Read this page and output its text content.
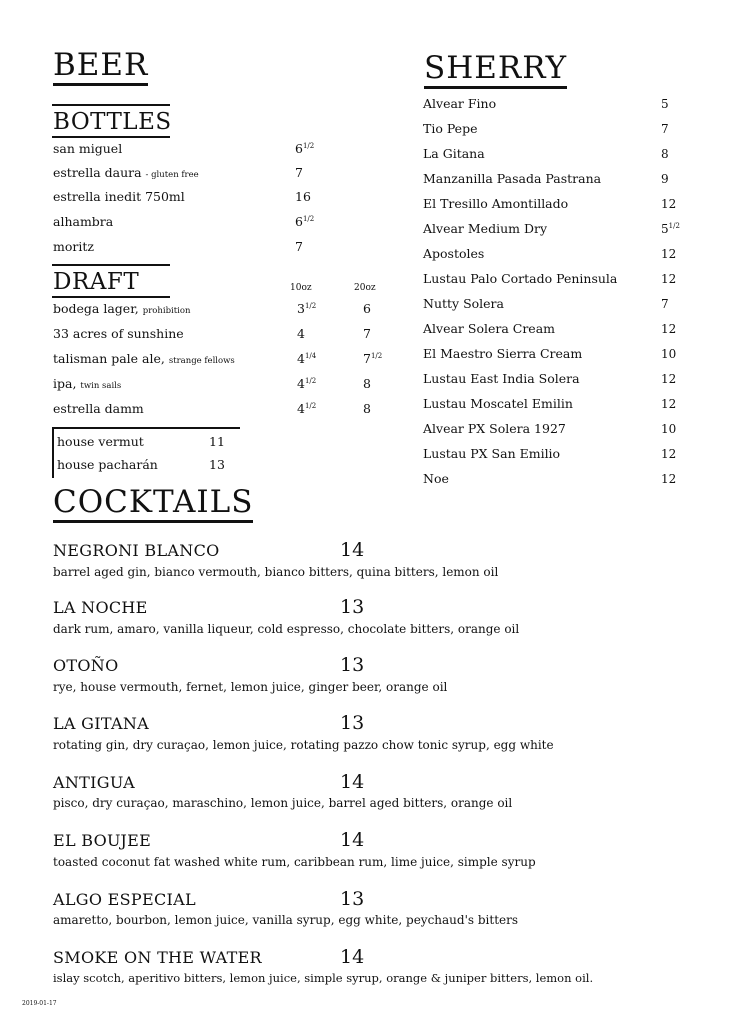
BEER
BOTTLES
san miguel	$6^{1/2}$
estrella daura - gluten free	7
estrella inedit 750ml	16
alhambra	$6^{1/2}$
moritz	7
DRAFT	10oz	20oz
bodega lager, prohibition	$3^{1/2}$	6
33 acres of sunshine	4	7
talisman pale ale, strange fellows	$4^{1/4}$	$7^{1/2}$
ipa, twin sails	$4^{1/2}$	8
estrella damm	$4^{1/2}$	8
house vermut	11
house pacharán	13
SHERRY
Alvear Fino	5
Tio Pepe	7
La Gitana	8
Manzanilla Pasada Pastrana	9
El Tresillo Amontillado	12
Alvear Medium Dry	$5^{1/2}$
Apostoles	12
Lustau Palo Cortado Peninsula	12
Nutty Solera	7
Alvear Solera Cream	12
El Maestro Sierra Cream	10
Lustau East India Solera	12
Lustau Moscatel Emilin	12
Alvear PX Solera 1927	10
Lustau PX San Emilio	12
Noe	12
COCKTAILS
NEGRONI BLANCO	14
barrel aged gin, bianco vermouth, bianco bitters, quina bitters, lemon oil
LA NOCHE	13
dark rum, amaro, vanilla liqueur, cold espresso, chocolate bitters, orange oil
OTOÑO	13
rye, house vermouth, fernet, lemon juice, ginger beer, orange oil
LA GITANA	13
rotating gin, dry curaçao, lemon juice, rotating pazzo chow tonic syrup, egg white
ANTIGUA	14
pisco, dry curaçao, maraschino, lemon juice, barrel aged bitters, orange oil
EL BOUJEE	14
toasted coconut fat washed white rum, caribbean rum, lime juice, simple syrup
ALGO ESPECIAL	13
amaretto, bourbon, lemon juice, vanilla syrup, egg white, peychaud's bitters
SMOKE ON THE WATER	14
islay scotch, aperitivo bitters, lemon juice, simple syrup, orange & juniper bitters, lemon oil.
2019-01-17
